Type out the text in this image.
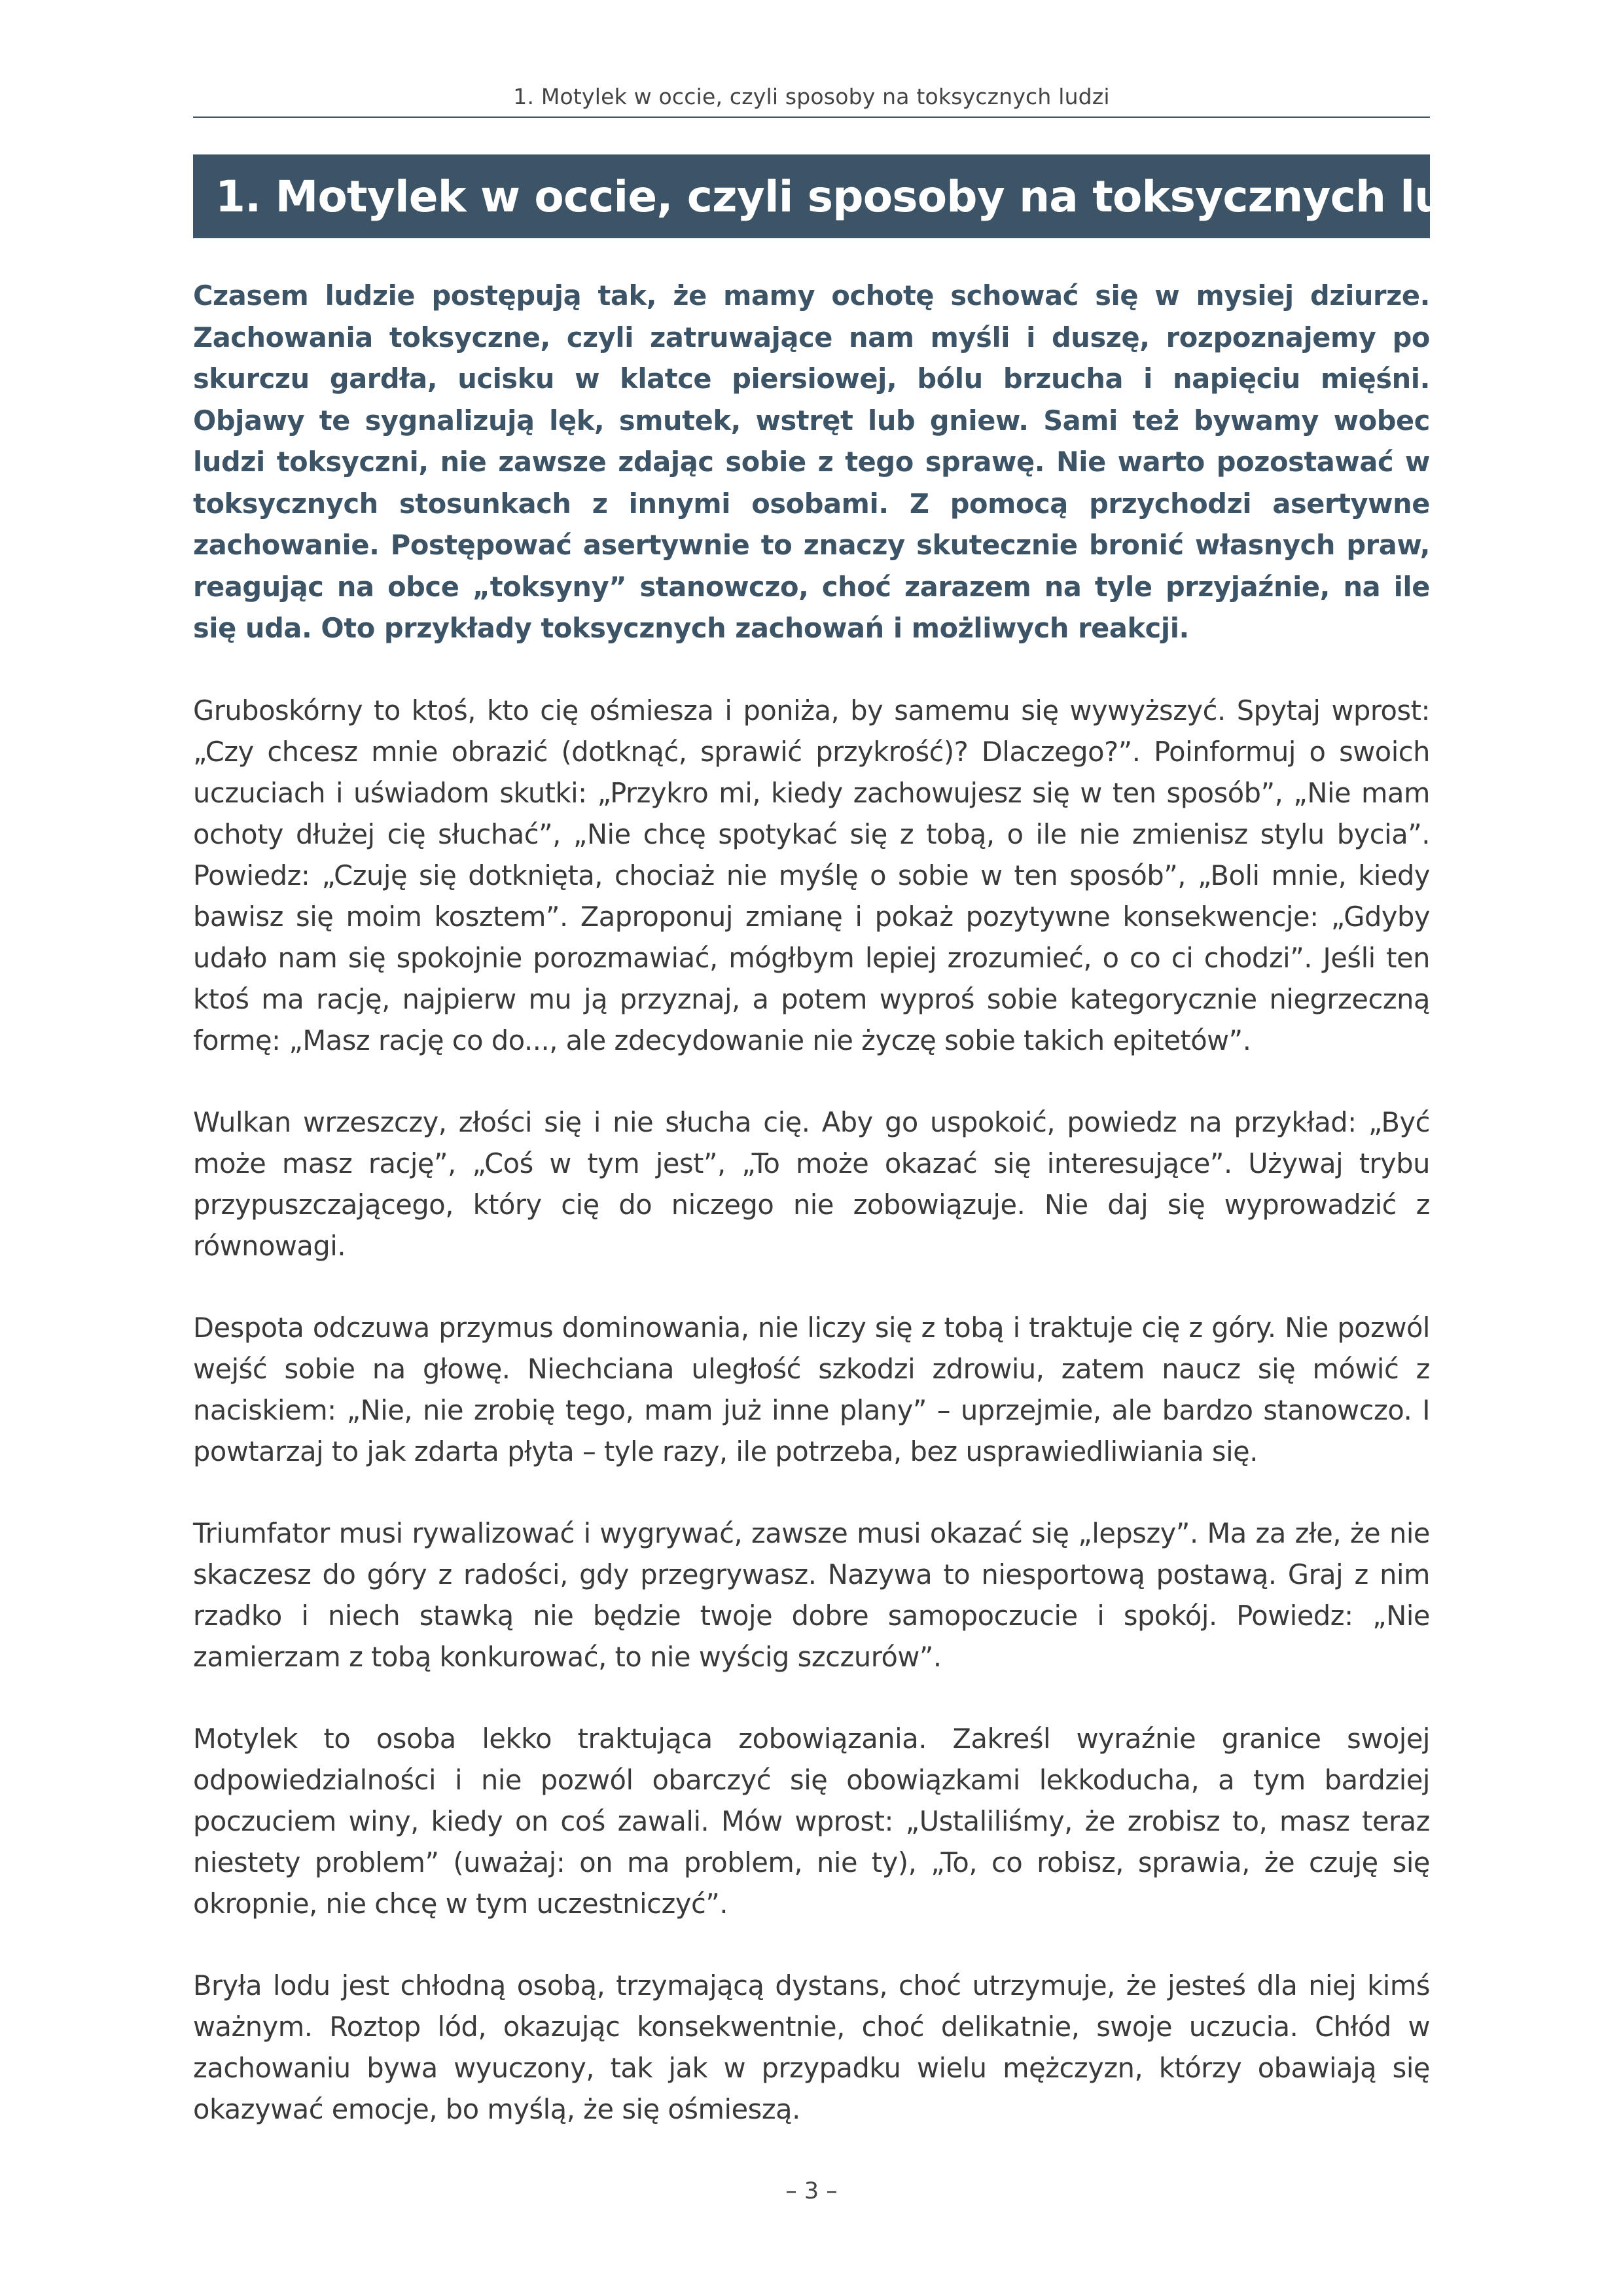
1. Motylek w occie, czyli sposoby na toksycznych ludzi
1. Motylek w occie, czyli sposoby na toksycznych ludzi

Czasem ludzie postępują tak, że mamy ochotę schować się w mysiej dziurze. Zachowania toksyczne, czyli zatruwające nam myśli i duszę, rozpoznajemy po skurczu gardła, ucisku w klatce piersiowej, bólu brzucha i napięciu mięśni. Objawy te sygnalizują lęk, smutek, wstręt lub gniew. Sami też bywamy wobec ludzi toksyczni, nie zawsze zdając sobie z tego sprawę. Nie warto pozostawać w toksycznych stosunkach z innymi osobami. Z pomocą przychodzi asertywne zachowanie. Postępować asertywnie to znaczy skutecznie bronić własnych praw, reagując na obce „toksyny” stanowczo, choć zarazem na tyle przyjaźnie, na ile się uda. Oto przykłady toksycznych zachowań i możliwych reakcji.

Gruboskórny to ktoś, kto cię ośmiesza i poniża, by samemu się wywyższyć. Spytaj wprost: „Czy chcesz mnie obrazić (dotknąć, sprawić przykrość)? Dlaczego?”. Poinformuj o swoich uczuciach i uświadom skutki: „Przykro mi, kiedy zachowujesz się w ten sposób”, „Nie mam ochoty dłużej cię słuchać”, „Nie chcę spotykać się z tobą, o ile nie zmienisz stylu bycia”. Powiedz: „Czuję się dotknięta, chociaż nie myślę o sobie w ten sposób”, „Boli mnie, kiedy bawisz się moim kosztem”. Zaproponuj zmianę i pokaż pozytywne konsekwencje: „Gdyby udało nam się spokojnie porozmawiać, mógłbym lepiej zrozumieć, o co ci chodzi”. Jeśli ten ktoś ma rację, najpierw mu ją przyznaj, a potem wyproś sobie kategorycznie niegrzeczną formę: „Masz rację co do..., ale zdecydowanie nie życzę sobie takich epitetów”.

Wulkan wrzeszczy, złości się i nie słucha cię. Aby go uspokoić, powiedz na przykład: „Być może masz rację”, „Coś w tym jest”, „To może okazać się interesujące”. Używaj trybu przypuszczającego, który cię do niczego nie zobowiązuje. Nie daj się wyprowadzić z równowagi.

Despota odczuwa przymus dominowania, nie liczy się z tobą i traktuje cię z góry. Nie pozwól wejść sobie na głowę. Niechciana uległość szkodzi zdrowiu, zatem naucz się mówić z naciskiem: „Nie, nie zrobię tego, mam już inne plany” – uprzejmie, ale bardzo stanowczo. I powtarzaj to jak zdarta płyta – tyle razy, ile potrzeba, bez usprawiedliwiania się.

Triumfator musi rywalizować i wygrywać, zawsze musi okazać się „lepszy”. Ma za złe, że nie skaczesz do góry z radości, gdy przegrywasz. Nazywa to niesportową postawą. Graj z nim rzadko i niech stawką nie będzie twoje dobre samopoczucie i spokój. Powiedz: „Nie zamierzam z tobą konkurować, to nie wyścig szczurów”.

Motylek to osoba lekko traktująca zobowiązania. Zakreśl wyraźnie granice swojej odpowiedzialności i nie pozwól obarczyć się obowiązkami lekkoducha, a tym bardziej poczuciem winy, kiedy on coś zawali. Mów wprost: „Ustaliliśmy, że zrobisz to, masz teraz niestety problem” (uważaj: on ma problem, nie ty), „To, co robisz, sprawia, że czuję się okropnie, nie chcę w tym uczestniczyć”.

Bryła lodu jest chłodną osobą, trzymającą dystans, choć utrzymuje, że jesteś dla niej kimś ważnym. Roztop lód, okazując konsekwentnie, choć delikatnie, swoje uczucia. Chłód w zachowaniu bywa wyuczony, tak jak w przypadku wielu mężczyzn, którzy obawiają się okazywać emocje, bo myślą, że się ośmieszą.

– 3 –
